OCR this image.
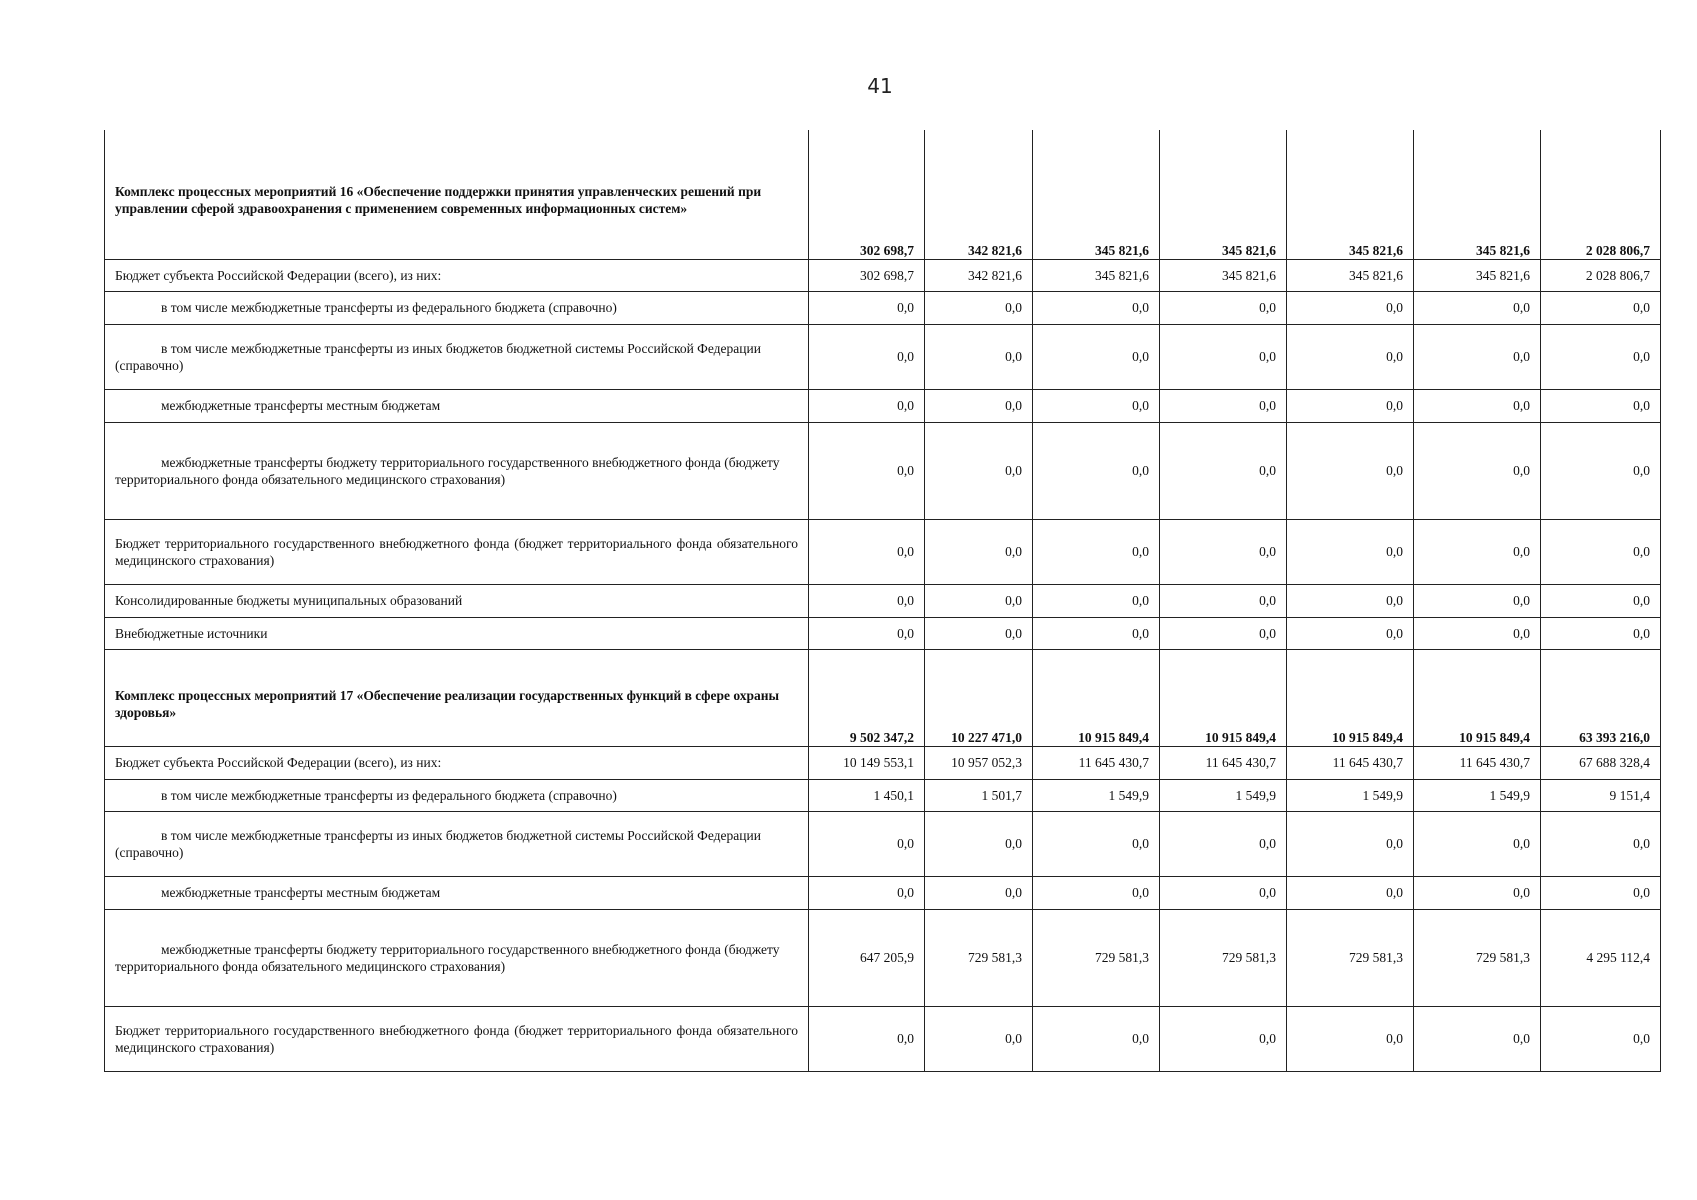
41
Комплекс процессных мероприятий 16 «Обеспечение поддержки принятия управленческих решений при управлении сферой здравоохранения с применением современных информационных систем»	302 698,7	342 821,6	345 821,6	345 821,6	345 821,6	345 821,6	2 028 806,7
Бюджет субъекта Российской Федерации (всего), из них:	302 698,7	342 821,6	345 821,6	345 821,6	345 821,6	345 821,6	2 028 806,7
в том числе межбюджетные трансферты из федерального бюджета (справочно)	0,0	0,0	0,0	0,0	0,0	0,0	0,0
в том числе межбюджетные трансферты из иных бюджетов бюджетной системы Российской Федерации (справочно)	0,0	0,0	0,0	0,0	0,0	0,0	0,0
межбюджетные трансферты местным бюджетам	0,0	0,0	0,0	0,0	0,0	0,0	0,0
межбюджетные трансферты бюджету территориального государственного внебюджетного фонда (бюджету территориального фонда обязательного медицинского страхования)	0,0	0,0	0,0	0,0	0,0	0,0	0,0
Бюджет территориального государственного внебюджетного фонда (бюджет территориального фонда обязательного медицинского страхования)	0,0	0,0	0,0	0,0	0,0	0,0	0,0
Консолидированные бюджеты муниципальных образований	0,0	0,0	0,0	0,0	0,0	0,0	0,0
Внебюджетные источники	0,0	0,0	0,0	0,0	0,0	0,0	0,0
Комплекс процессных мероприятий 17 «Обеспечение реализации государственных функций в сфере охраны здоровья»	9 502 347,2	10 227 471,0	10 915 849,4	10 915 849,4	10 915 849,4	10 915 849,4	63 393 216,0
Бюджет субъекта Российской Федерации (всего), из них:	10 149 553,1	10 957 052,3	11 645 430,7	11 645 430,7	11 645 430,7	11 645 430,7	67 688 328,4
в том числе межбюджетные трансферты из федерального бюджета (справочно)	1 450,1	1 501,7	1 549,9	1 549,9	1 549,9	1 549,9	9 151,4
в том числе межбюджетные трансферты из иных бюджетов бюджетной системы Российской Федерации (справочно)	0,0	0,0	0,0	0,0	0,0	0,0	0,0
межбюджетные трансферты местным бюджетам	0,0	0,0	0,0	0,0	0,0	0,0	0,0
межбюджетные трансферты бюджету территориального государственного внебюджетного фонда (бюджету территориального фонда обязательного медицинского страхования)	647 205,9	729 581,3	729 581,3	729 581,3	729 581,3	729 581,3	4 295 112,4
Бюджет территориального государственного внебюджетного фонда (бюджет территориального фонда обязательного медицинского страхования)	0,0	0,0	0,0	0,0	0,0	0,0	0,0
